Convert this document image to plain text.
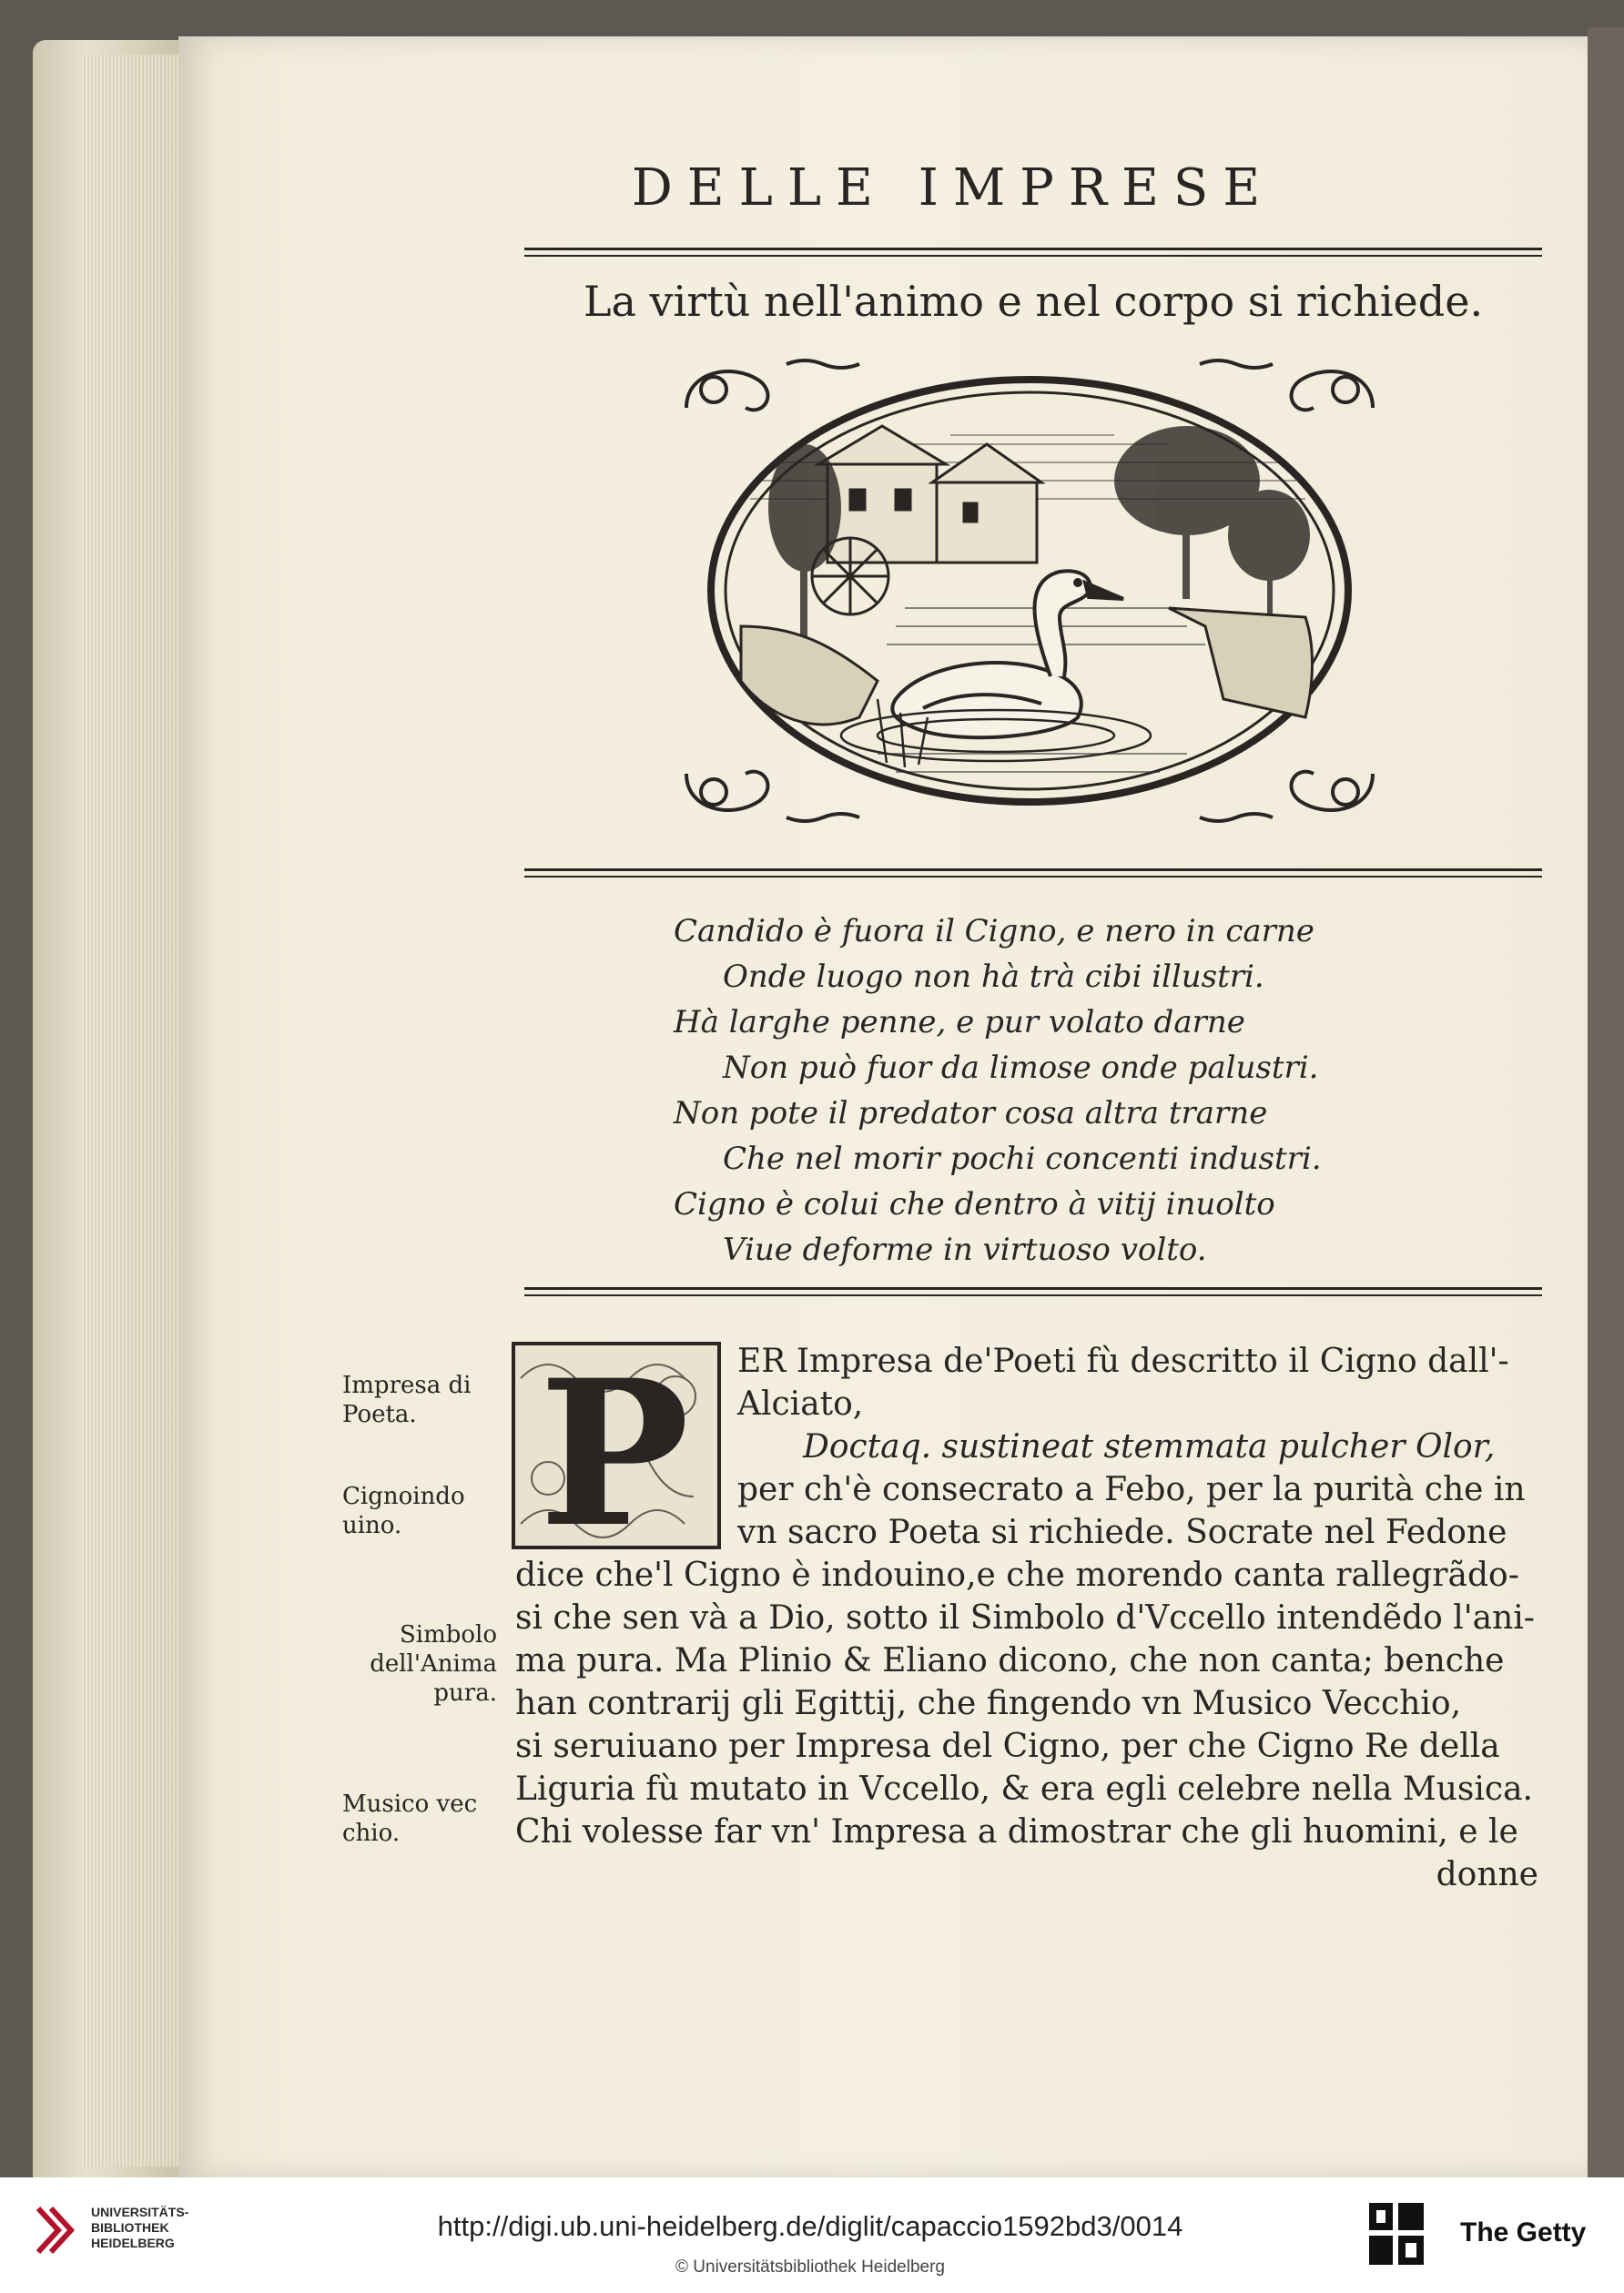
DELLE IMPRESE
La virtù nell'animo e nel corpo si richiede.
Candido è fuora il Cigno, e nero in carne
Onde luogo non hà trà cibi illustri.
Hà larghe penne, e pur volato darne
Non può fuor da limose onde palustri.
Non pote il predator cosa altra trarne
Che nel morir pochi concenti industri.
Cigno è colui che dentro à vitij inuolto
Viue deforme in virtuoso volto.
Impresa di Poeta.
Cignoindo uino.
Simbolo dell'Anima pura.
Musico vec chio.
P	ER Impresa de'Poeti fù descritto il Cigno dall'-
Alciato,
Doctaq. sustineat stemmata pulcher Olor,
per ch'è consecrato a Febo, per la purità che in
vn sacro Poeta si richiede. Socrate nel Fedone
dice che'l Cigno è indouino,e che morendo canta rallegrãdo-
si che sen và a Dio, sotto il Simbolo d'Vccello intendẽdo l'ani-
ma pura. Ma Plinio & Eliano dicono, che non canta; benche
han contrarij gli Egittij, che fingendo vn Musico Vecchio,
si seruiuano per Impresa del Cigno, per che Cigno Re della
Liguria fù mutato in Vccello, & era egli celebre nella Musica.
Chi volesse far vn' Impresa a dimostrar che gli huomini, e le
donne
UNIVERSITÄTS-
BIBLIOTHEK
HEIDELBERG
http://digi.ub.uni-heidelberg.de/diglit/capaccio1592bd3/0014
© Universitätsbibliothek Heidelberg
The Getty
